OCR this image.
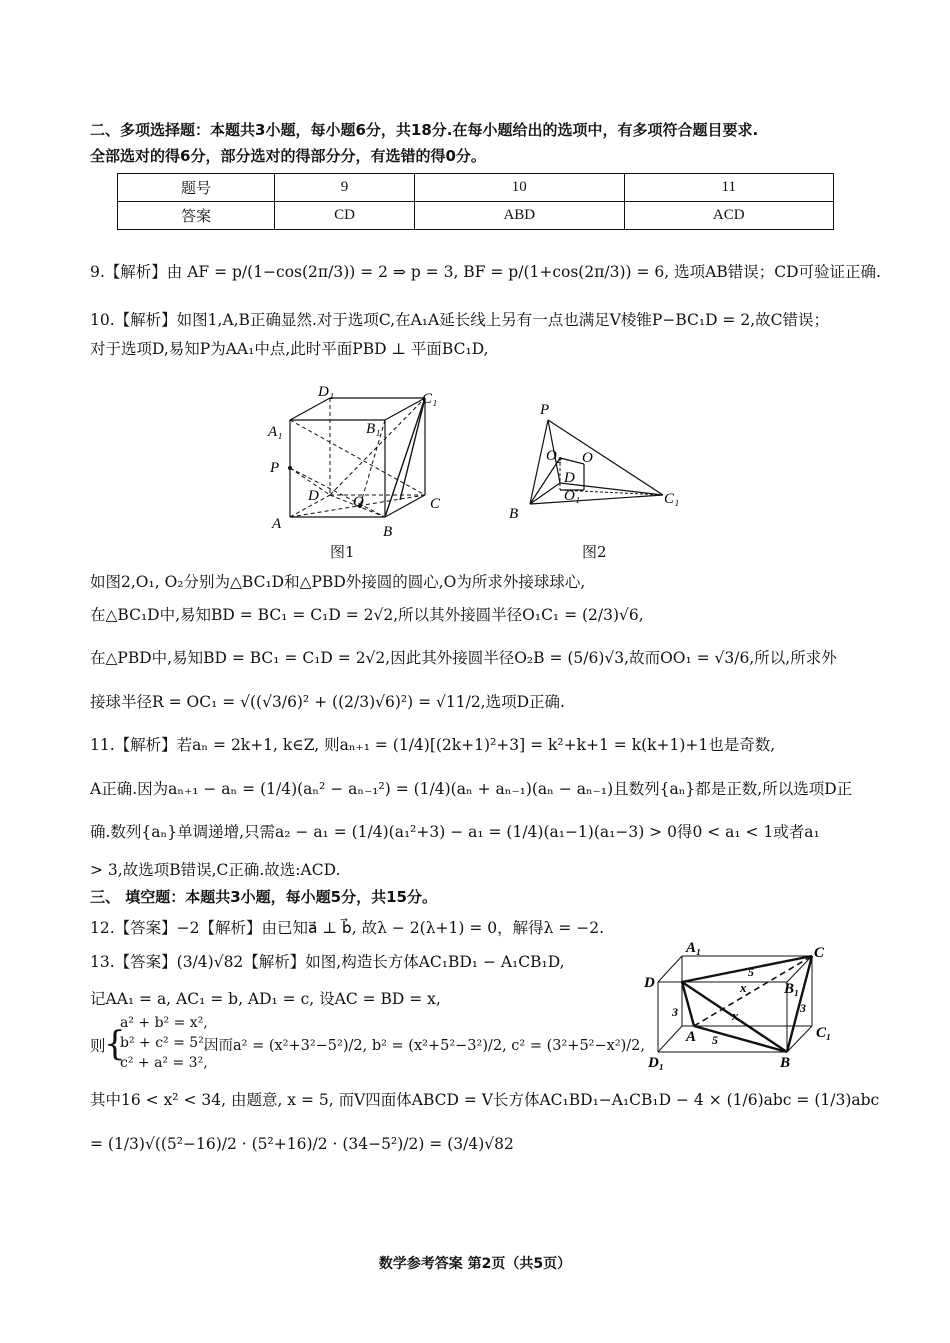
二、多项选择题：本题共3小题，每小题6分，共18分.在每小题给出的选项中，有多项符合题目要求.
全部选对的得6分，部分选对的得部分分，有选错的得0分。
题号	9	10	11
答案	CD	ABD	ACD
9.【解析】由 AF = p/(1−cos(2π/3)) = 2 ⇒ p = 3, BF = p/(1+cos(2π/3)) = 6, 选项AB错误；CD可验证正确.
10.【解析】如图1,A,B正确显然.对于选项C,在A₁A延长线上另有一点也满足V棱锥P−BC₁D = 2,故C错误；
对于选项D,易知P为AA₁中点,此时平面PBD ⊥ 平面BC₁D,
D₁	C₁
A₁	B₁
P
D O	C
A	B
图1
P
O₂ O
D
O₁	C₁
B
图2
如图2,O₁, O₂分别为△BC₁D和△PBD外接圆的圆心,O为所求外接球球心,
在△BC₁D中,易知BD = BC₁ = C₁D = 2√2,所以其外接圆半径O₁C₁ = (2/3)√6,
在△PBD中,易知BD = BC₁ = C₁D = 2√2,因此其外接圆半径O₂B = (5/6)√3,故而OO₁ = √3/6,所以,所求外
接球半径R = OC₁ = √((√3/6)² + ((2/3)√6)²) = √11/2,选项D正确.
11.【解析】若aₙ = 2k+1, k∈Z, 则aₙ₊₁ = (1/4)[(2k+1)²+3] = k²+k+1 = k(k+1)+1也是奇数,
A正确.因为aₙ₊₁ − aₙ = (1/4)(aₙ² − aₙ₋₁²) = (1/4)(aₙ + aₙ₋₁)(aₙ − aₙ₋₁)且数列{aₙ}都是正数,所以选项D正
确.数列{aₙ}单调递增,只需a₂ − a₁ = (1/4)(a₁²+3) − a₁ = (1/4)(a₁−1)(a₁−3) > 0得0 < a₁ < 1或者a₁
> 3,故选项B错误,C正确.故选:ACD.
三、 填空题：本题共3小题，每小题5分，共15分。
12.【答案】−2【解析】由已知a⃗ ⊥ b⃗, 故λ − 2(λ+1) = 0，解得λ = −2.
13.【答案】(3/4)√82【解析】如图,构造长方体AC₁BD₁ − A₁CB₁D,
记AA₁ = a, AC₁ = b, AD₁ = c, 设AC = BD = x,
则
{
a² + b² = x²,
b² + c² = 5²,
c² + a² = 3²,
因而a² = (x²+3²−5²)/2, b² = (x²+5²−3²)/2, c² = (3²+5²−x²)/2,
其中16 < x² < 34, 由题意, x = 5, 而V四面体ABCD = V长方体AC₁BD₁−A₁CB₁D − 4 × (1/6)abc = (1/3)abc
= (1/3)√((5²−16)/2 · (5²+16)/2 · (34−5²)/2) = (3/4)√82
A₁	C
D	B₁
C₁
A
D₁	B
5
x
x
3	3
5
数学参考答案 第2页（共5页）
